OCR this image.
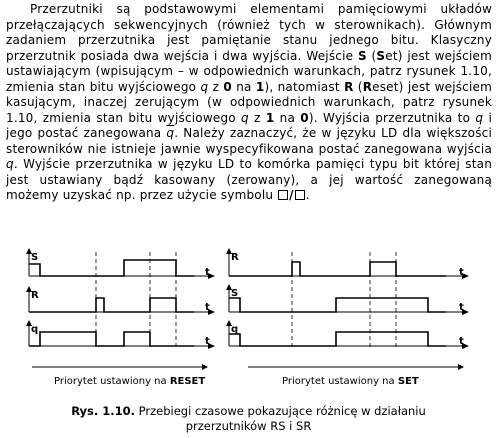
Przerzutniki są podstawowymi elementami pamięciowymi układów przełączających sekwencyjnych (również tych w sterownikach). Głównym zadaniem przerzutnika jest pamiętanie stanu jednego bitu. Klasyczny przerzutnik posiada dwa wejścia i dwa wyjścia. Wejście S (Set) jest wejściem ustawiającym (wpisującym – w odpowiednich warunkach, patrz rysunek 1.10, zmienia stan bitu wyjściowego q z 0 na 1), natomiast R (Reset) jest wejściem kasującym, inaczej zerującym (w odpowiednich warunkach, patrz rysunek 1.10, zmienia stan bitu wyjściowego q z 1 na 0). Wyjścia przerzutnika to q i jego postać zanegowana $\overline{q}$. Należy zaznaczyć, że w języku LD dla większości sterowników nie istnieje jawnie wyspecyfikowana postać zanegowana wyjścia q. Wyjście przerzutnika w języku LD to komórka pamięci typu bit której stan jest ustawiany bądź kasowany (zerowany), a jej wartość zanegowaną możemy uzyskać np. przez użycie symbolu / .

S
R
q
t
t
t
Priorytet ustawiony na RESET
R
S
q
t
t
t
Priorytet ustawiony na SET
Rys. 1.10. Przebiegi czasowe pokazujące różnicę w działaniu
przerzutników RS i SR
